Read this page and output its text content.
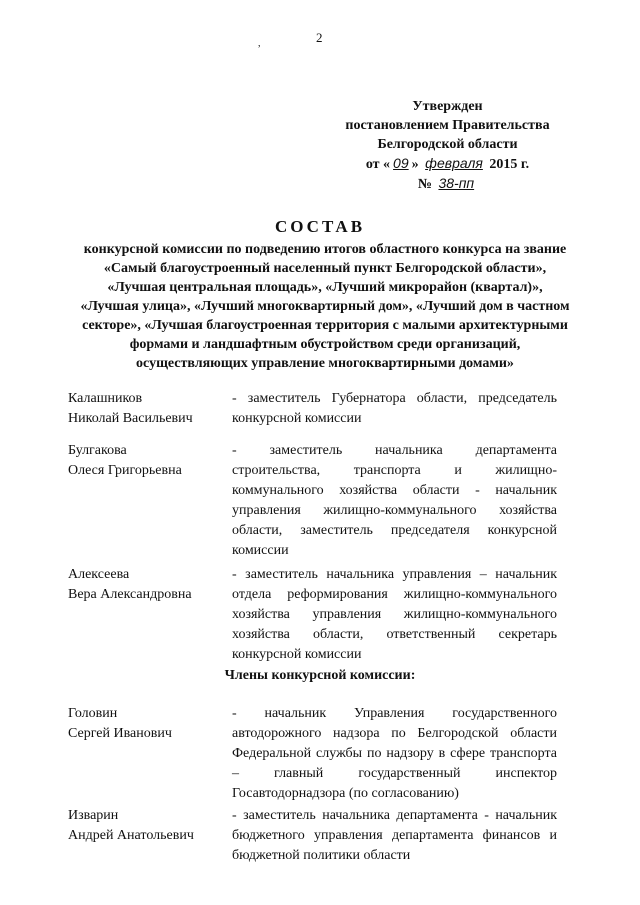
2
,
Утвержден
постановлением Правительства
Белгородской области
от « 09 » февраля 2015 г.
№ 38-пп
СОСТАВ
конкурсной комиссии по подведению итогов областного конкурса на звание «Самый благоустроенный населенный пункт Белгородской области», «Лучшая центральная площадь», «Лучший микрорайон (квартал)», «Лучшая улица», «Лучший многоквартирный дом», «Лучший дом в частном секторе», «Лучшая благоустроенная территория с малыми архитектурными формами и ландшафтным обустройством среди организаций, осуществляющих управление многоквартирными домами»
Калашников
Николай Васильевич
- заместитель Губернатора области, председатель конкурсной комиссии
Булгакова
Олеся Григорьевна
- заместитель начальника департамента строительства, транспорта и жилищно-коммунального хозяйства области - начальник управления жилищно-коммунального хозяйства области, заместитель председателя конкурсной комиссии
Алексеева
Вера Александровна
- заместитель начальника управления – начальник отдела реформирования жилищно-коммунального хозяйства управления жилищно-коммунального хозяйства области, ответственный секретарь конкурсной комиссии
Члены конкурсной комиссии:
Головин
Сергей Иванович
- начальник Управления государственного автодорожного надзора по Белгородской области Федеральной службы по надзору в сфере транспорта – главный государственный инспектор Госавтодорнадзора (по согласованию)
Изварин
Андрей Анатольевич
- заместитель начальника департамента - начальник бюджетного управления департамента финансов и бюджетной политики области
